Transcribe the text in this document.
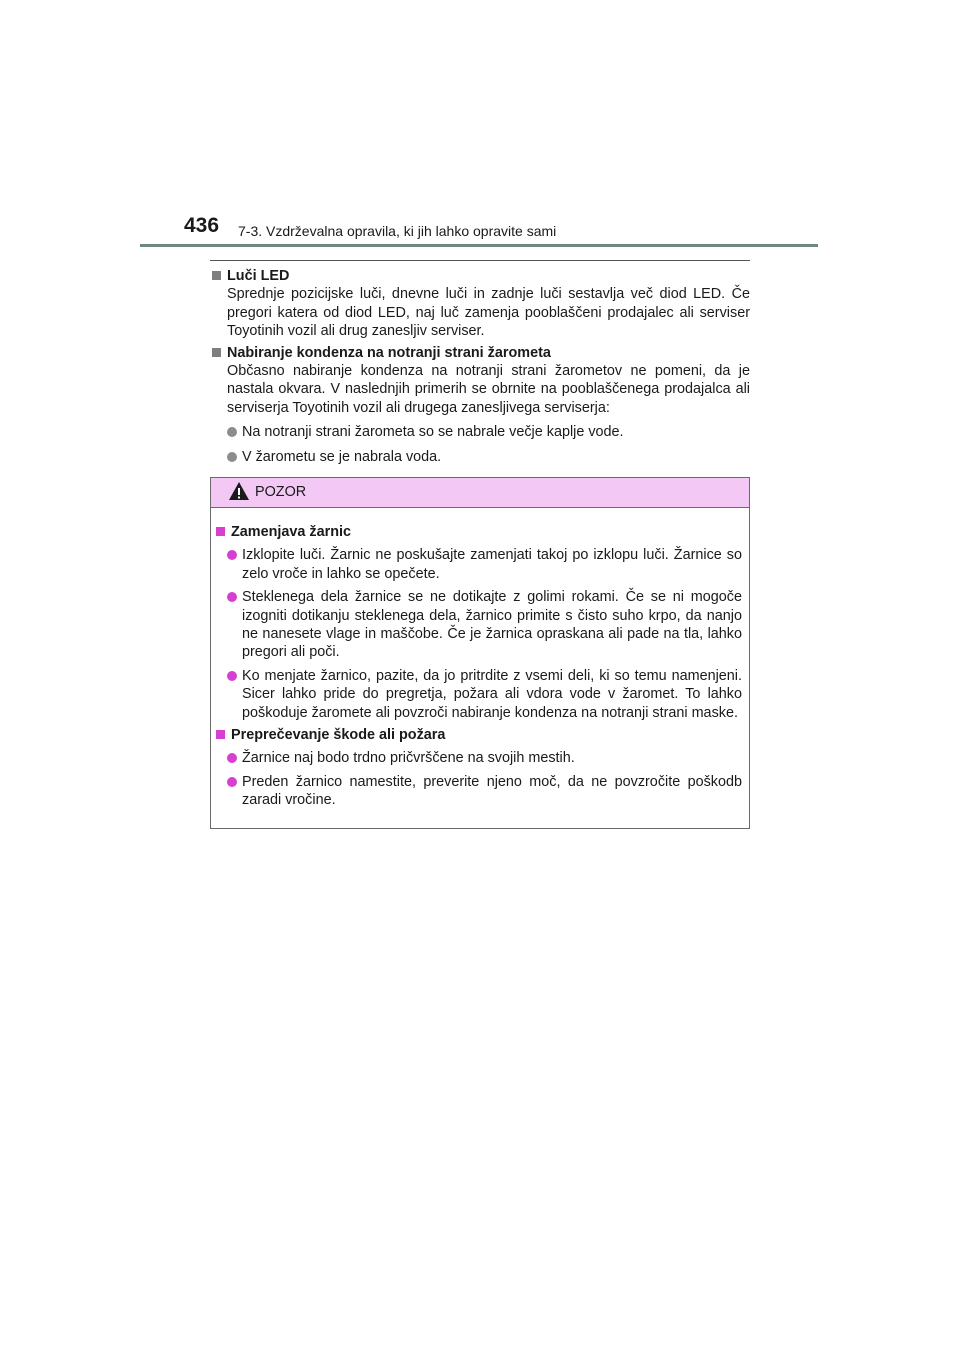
436 7-3. Vzdrževalna opravila, ki jih lahko opravite sami
Luči LED
Sprednje pozicijske luči, dnevne luči in zadnje luči sestavlja več diod LED. Če pregori katera od diod LED, naj luč zamenja pooblaščeni prodajalec ali serviser Toyotinih vozil ali drug zanesljiv serviser.
Nabiranje kondenza na notranji strani žarometa
Občasno nabiranje kondenza na notranji strani žarometov ne pomeni, da je nastala okvara. V naslednjih primerih se obrnite na pooblaščenega prodajalca ali serviserja Toyotinih vozil ali drugega zanesljivega serviserja:
Na notranji strani žarometa so se nabrale večje kaplje vode.
V žarometu se je nabrala voda.
POZOR
Zamenjava žarnic
Izklopite luči. Žarnic ne poskušajte zamenjati takoj po izklopu luči. Žarnice so zelo vroče in lahko se opečete.
Steklenega dela žarnice se ne dotikajte z golimi rokami. Če se ni mogoče izogniti dotikanju steklenega dela, žarnico primite s čisto suho krpo, da nanjo ne nanesete vlage in maščobe. Če je žarnica opraskana ali pade na tla, lahko pregori ali poči.
Ko menjate žarnico, pazite, da jo pritrdite z vsemi deli, ki so temu namenjeni. Sicer lahko pride do pregretja, požara ali vdora vode v žaromet. To lahko poškoduje žaromete ali povzroči nabiranje kondenza na notranji strani maske.
Preprečevanje škode ali požara
Žarnice naj bodo trdno pričvrščene na svojih mestih.
Preden žarnico namestite, preverite njeno moč, da ne povzročite poškodb zaradi vročine.
